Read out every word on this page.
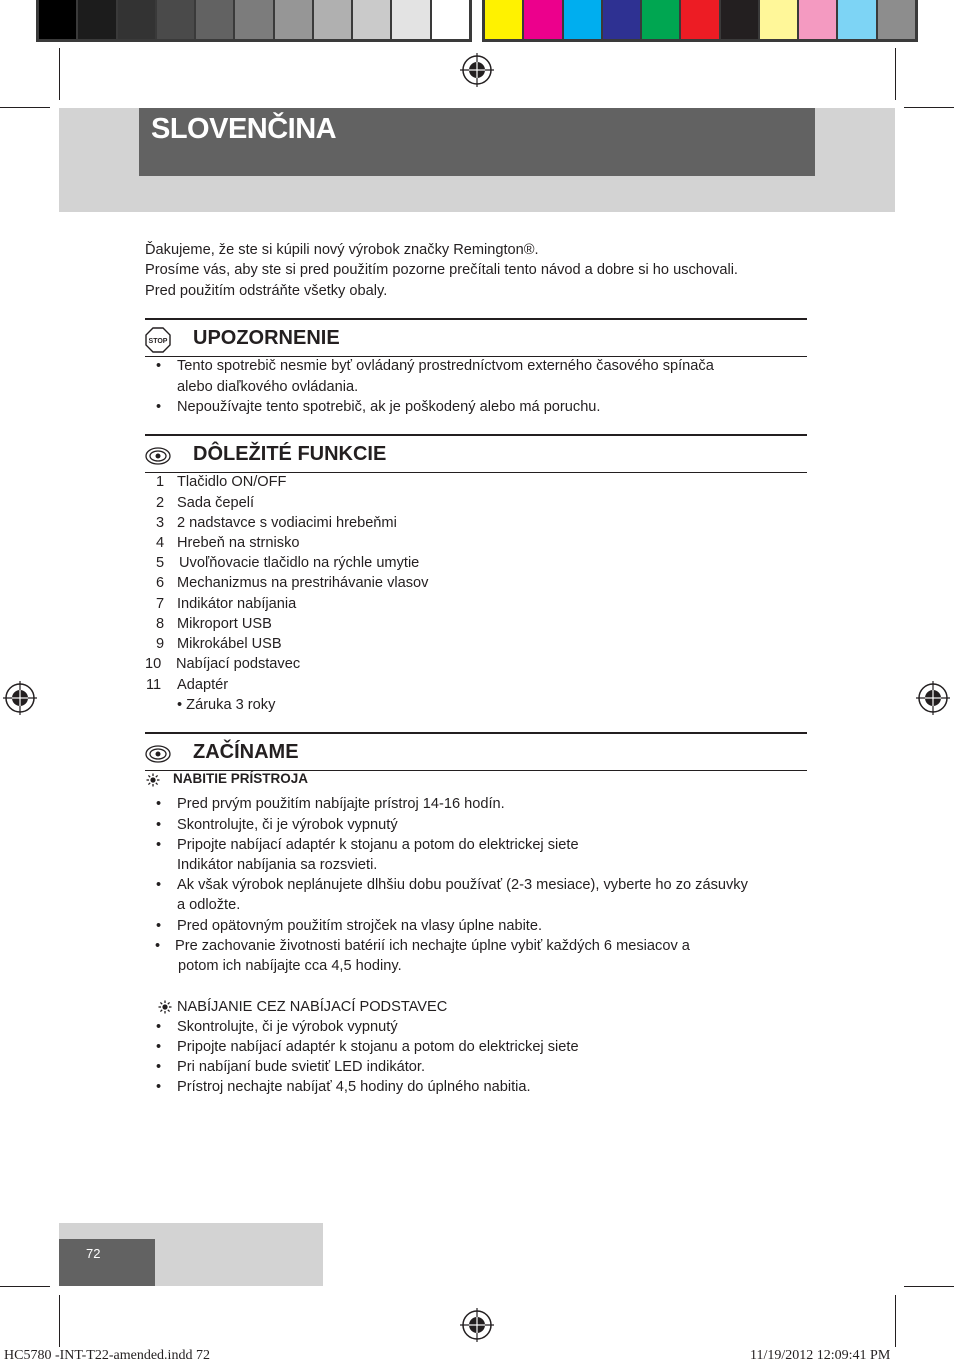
SLOVENČINA
Ďakujeme, že ste si kúpili nový výrobok značky Remington®.
Prosíme vás, aby ste si pred použitím pozorne prečítali tento návod a dobre si ho uschovali.
Pred použitím odstráňte všetky obaly.
STOP UPOZORNENIE
• Tento spotrebič nesmie byť ovládaný prostredníctvom externého časového spínača
alebo diaľkového ovládania.
• Nepoužívajte tento spotrebič, ak je poškodený alebo má poruchu.
DÔLEŽITÉ FUNKCIE
1 Tlačidlo ON/OFF
2 Sada čepelí
3 2 nadstavce s vodiacimi hrebeňmi
4 Hrebeň na strnisko
5 Uvoľňovacie tlačidlo na rýchle umytie
6 Mechanizmus na prestrihávanie vlasov
7 Indikátor nabíjania
8 Mikroport USB
9 Mikrokábel USB
10 Nabíjací podstavec
11 Adaptér
• Záruka 3 roky
ZAČÍNAME
NABITIE PRÍSTROJA
• Pred prvým použitím nabíjajte prístroj 14-16 hodín.
• Skontrolujte, či je výrobok vypnutý
• Pripojte nabíjací adaptér k stojanu a potom do elektrickej siete
Indikátor nabíjania sa rozsvieti.
• Ak však výrobok neplánujete dlhšiu dobu používať (2-3 mesiace), vyberte ho zo zásuvky
a odložte.
• Pred opätovným použitím strojček na vlasy úplne nabite.
• Pre zachovanie životnosti batérií ich nechajte úplne vybiť každých 6 mesiacov a
potom ich nabíjajte cca 4,5 hodiny.
NABÍJANIE CEZ NABÍJACÍ PODSTAVEC
• Skontrolujte, či je výrobok vypnutý
• Pripojte nabíjací adaptér k stojanu a potom do elektrickej siete
• Pri nabíjaní bude svietiť LED indikátor.
• Prístroj nechajte nabíjať 4,5 hodiny do úplného nabitia.
72
HC5780 -INT-T22-amended.indd 72	11/19/2012 12:09:41 PM
